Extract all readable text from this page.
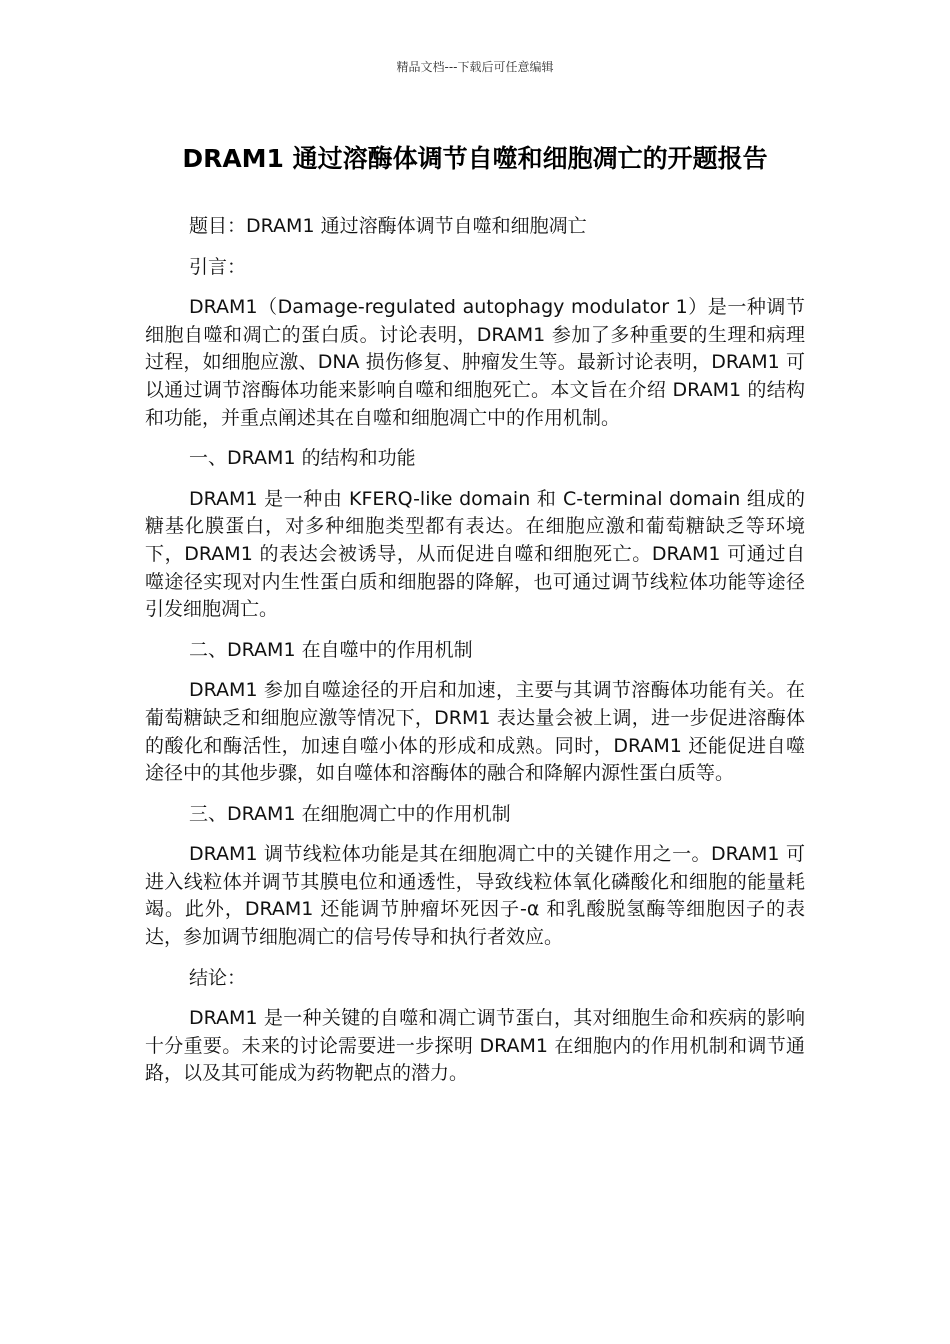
精品文档---下载后可任意编辑
DRAM1 通过溶酶体调节自噬和细胞凋亡的开题报告

题目：DRAM1 通过溶酶体调节自噬和细胞凋亡

引言：

DRAM1（Damage-regulated autophagy modulator 1）是一种调节细胞自噬和凋亡的蛋白质。讨论表明，DRAM1 参加了多种重要的生理和病理过程，如细胞应激、DNA 损伤修复、肿瘤发生等。最新讨论表明，DRAM1 可以通过调节溶酶体功能来影响自噬和细胞死亡。本文旨在介绍 DRAM1 的结构和功能，并重点阐述其在自噬和细胞凋亡中的作用机制。

一、DRAM1 的结构和功能

DRAM1 是一种由 KFERQ-like domain 和 C-terminal domain 组成的糖基化膜蛋白，对多种细胞类型都有表达。在细胞应激和葡萄糖缺乏等环境下，DRAM1 的表达会被诱导，从而促进自噬和细胞死亡。DRAM1 可通过自噬途径实现对内生性蛋白质和细胞器的降解，也可通过调节线粒体功能等途径引发细胞凋亡。

二、DRAM1 在自噬中的作用机制

DRAM1 参加自噬途径的开启和加速，主要与其调节溶酶体功能有关。在葡萄糖缺乏和细胞应激等情况下，DRM1 表达量会被上调，进一步促进溶酶体的酸化和酶活性，加速自噬小体的形成和成熟。同时，DRAM1 还能促进自噬途径中的其他步骤，如自噬体和溶酶体的融合和降解内源性蛋白质等。

三、DRAM1 在细胞凋亡中的作用机制

DRAM1 调节线粒体功能是其在细胞凋亡中的关键作用之一。DRAM1 可进入线粒体并调节其膜电位和通透性，导致线粒体氧化磷酸化和细胞的能量耗竭。此外，DRAM1 还能调节肿瘤坏死因子-α 和乳酸脱氢酶等细胞因子的表达，参加调节细胞凋亡的信号传导和执行者效应。

结论：

DRAM1 是一种关键的自噬和凋亡调节蛋白，其对细胞生命和疾病的影响十分重要。未来的讨论需要进一步探明 DRAM1 在细胞内的作用机制和调节通路，以及其可能成为药物靶点的潜力。
